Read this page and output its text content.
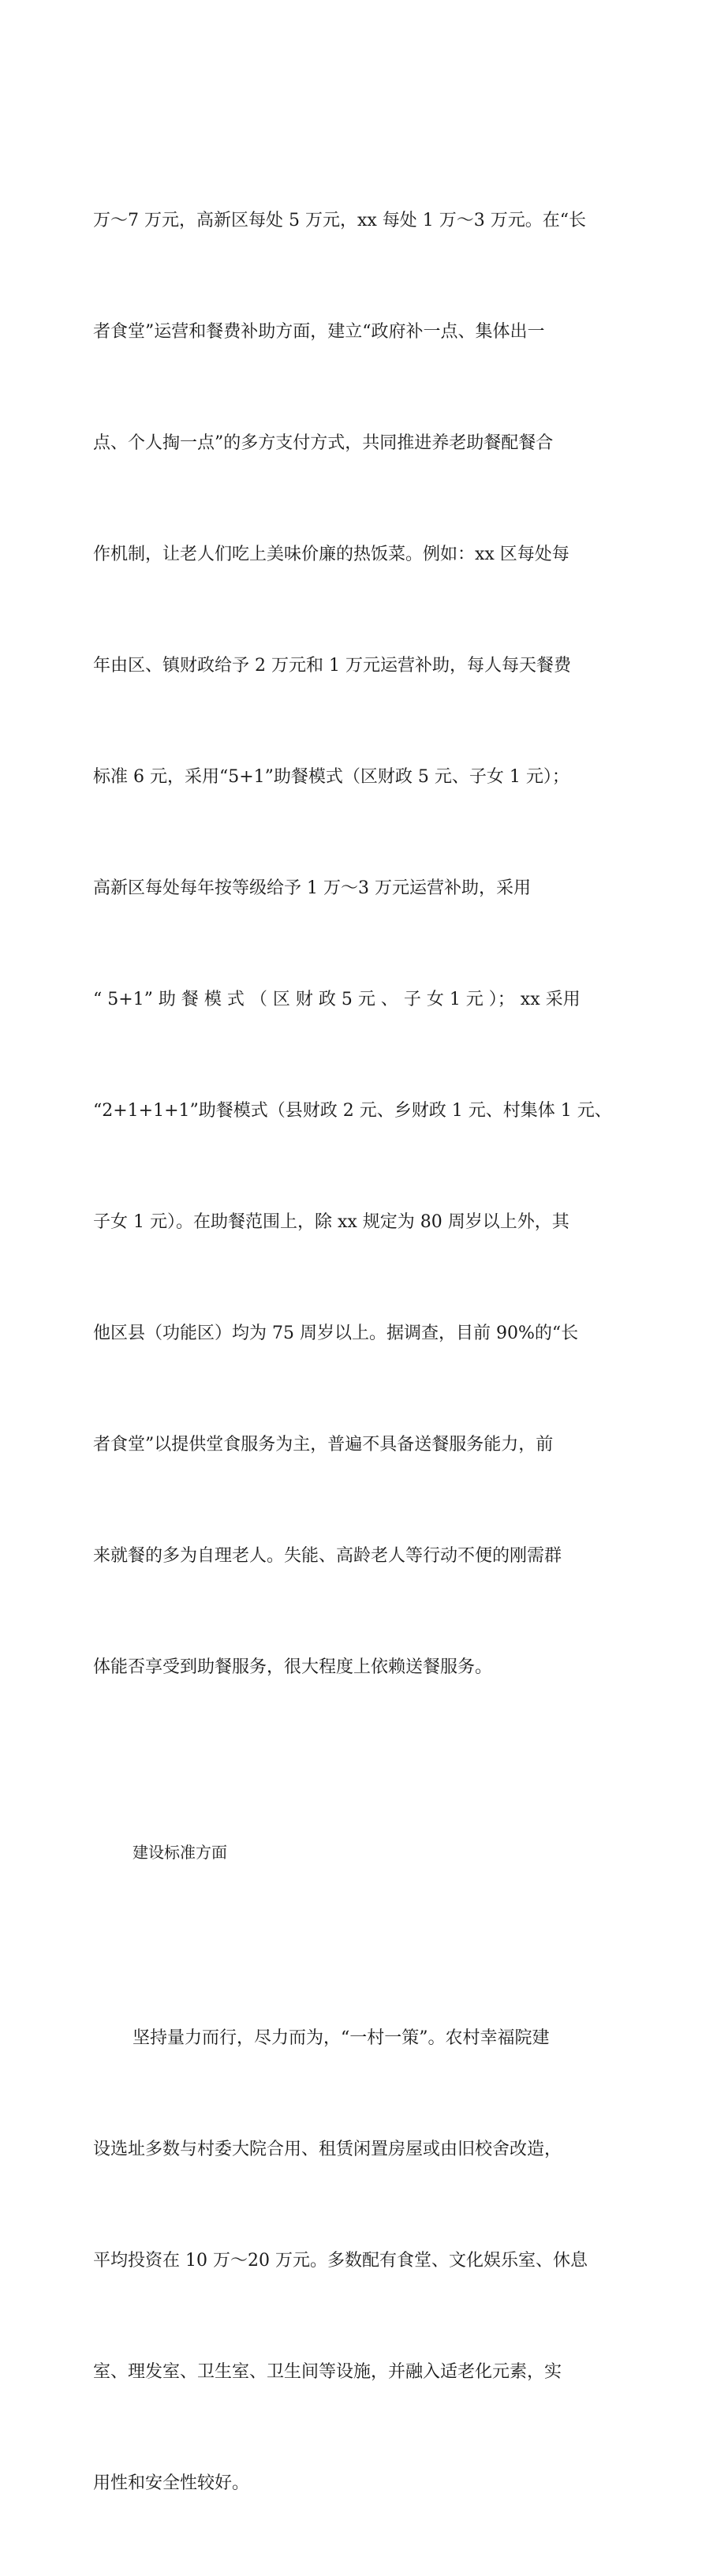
万～7 万元，高新区每处 5 万元，xx 每处 1 万～3 万元。在“长

者食堂”运营和餐费补助方面，建立“政府补一点、集体出一

点、个人掏一点”的多方支付方式，共同推进养老助餐配餐合

作机制，让老人们吃上美味价廉的热饭菜。例如：xx 区每处每

年由区、镇财政给予 2 万元和 1 万元运营补助，每人每天餐费

标准 6 元，采用“5+1”助餐模式（区财政 5 元、子女 1 元）；

高新区每处每年按等级给予 1 万～3 万元运营补助，采用

“ 5+1” 助 餐 模 式 （ 区 财 政 5 元 、 子 女 1 元 ）； xx 采用

“2+1+1+1”助餐模式（县财政 2 元、乡财政 1 元、村集体 1 元、

子女 1 元）。在助餐范围上，除 xx 规定为 80 周岁以上外，其

他区县（功能区）均为 75 周岁以上。据调查，目前 90%的“长

者食堂”以提供堂食服务为主，普遍不具备送餐服务能力，前

来就餐的多为自理老人。失能、高龄老人等行动不便的刚需群

体能否享受到助餐服务，很大程度上依赖送餐服务。

建设标准方面

坚持量力而行，尽力而为，“一村一策”。农村幸福院建

设选址多数与村委大院合用、租赁闲置房屋或由旧校舍改造，

平均投资在 10 万～20 万元。多数配有食堂、文化娱乐室、休息

室、理发室、卫生室、卫生间等设施，并融入适老化元素，实

用性和安全性较好。
